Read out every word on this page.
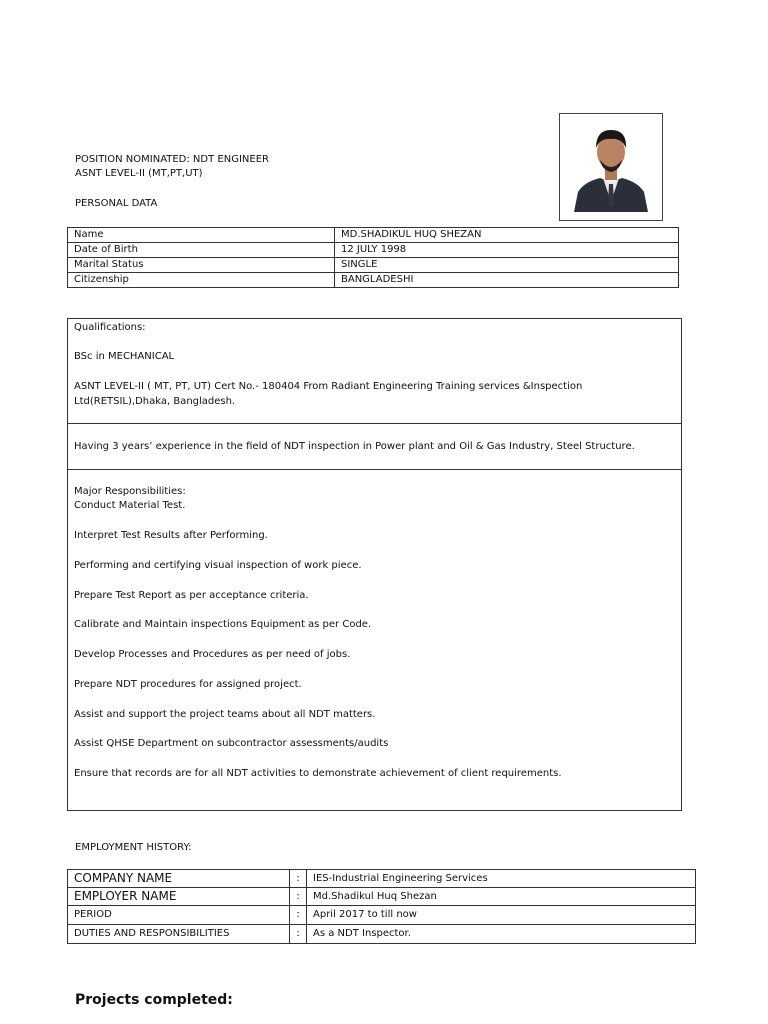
POSITION NOMINATED: NDT ENGINEER
ASNT LEVEL-II (MT,PT,UT)
PERSONAL DATA
Name	MD.SHADIKUL HUQ SHEZAN
Date of Birth	12 JULY 1998
Marital Status	SINGLE
Citizenship	BANGLADESHI
Qualifications:
BSc in MECHANICAL
ASNT LEVEL-II ( MT, PT, UT) Cert No.- 180404 From Radiant Engineering Training services &Inspection
Ltd(RETSIL),Dhaka, Bangladesh.
Having 3 years’ experience in the field of NDT inspection in Power plant and Oil & Gas Industry, Steel Structure.
Major Responsibilities:
Conduct Material Test.
Interpret Test Results after Performing.
Performing and certifying visual inspection of work piece.
Prepare Test Report as per acceptance criteria.
Calibrate and Maintain inspections Equipment as per Code.
Develop Processes and Procedures as per need of jobs.
Prepare NDT procedures for assigned project.
Assist and support the project teams about all NDT matters.
Assist QHSE Department on subcontractor assessments/audits
Ensure that records are for all NDT activities to demonstrate achievement of client requirements.
EMPLOYMENT HISTORY:
COMPANY NAME	:	IES-Industrial Engineering Services
EMPLOYER NAME	:	Md.Shadikul Huq Shezan
PERIOD	:	April 2017 to till now
DUTIES AND RESPONSIBILITIES	:	As a NDT Inspector.
Projects completed:
